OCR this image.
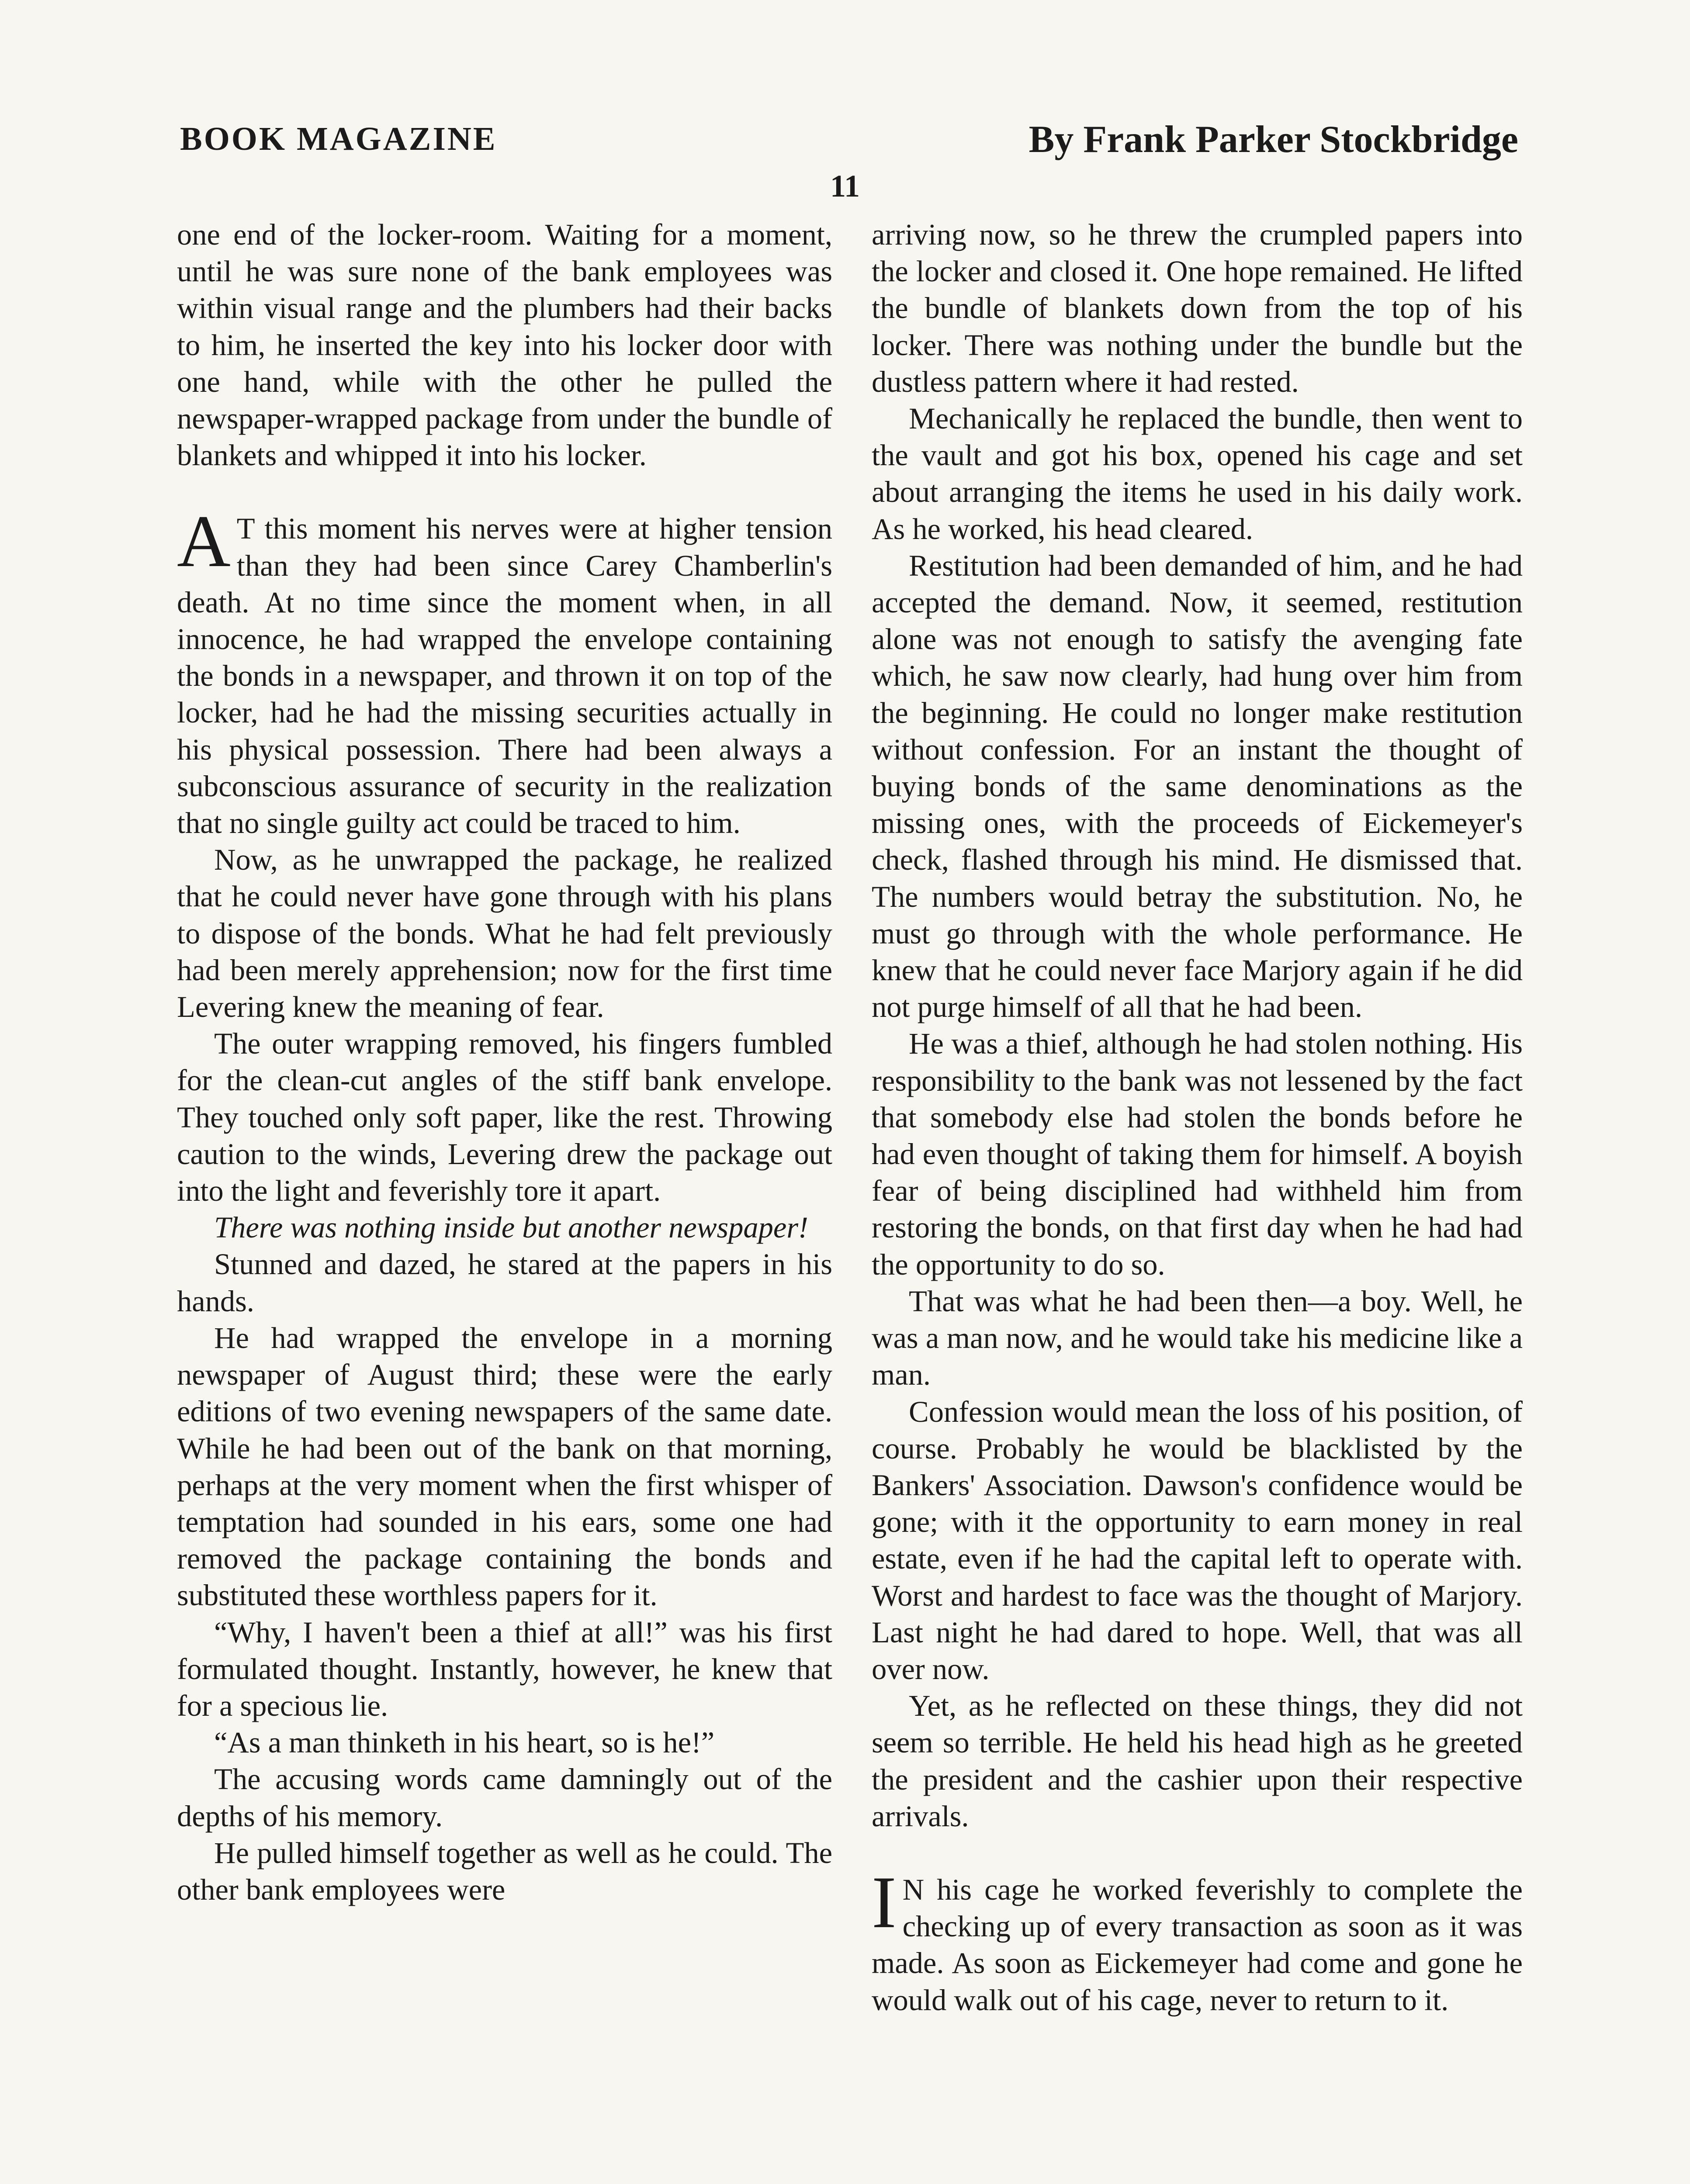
BOOK MAGAZINE	By Frank Parker Stockbridge
11

one end of the locker-room. Waiting for a moment, until he was sure none of the bank employees was within visual range and the plumbers had their backs to him, he inserted the key into his locker door with one hand, while with the other he pulled the newspaper-wrapped package from under the bundle of blankets and whipped it into his locker.

A T this moment his nerves were at higher tension than they had been since Carey Chamberlin's death. At no time since the moment when, in all innocence, he had wrapped the envelope containing the bonds in a newspaper, and thrown it on top of the locker, had he had the missing securities actually in his physical possession. There had been always a subconscious assurance of security in the realization that no single guilty act could be traced to him.

Now, as he unwrapped the package, he realized that he could never have gone through with his plans to dispose of the bonds. What he had felt previously had been merely apprehension; now for the first time Levering knew the meaning of fear.

The outer wrapping removed, his fingers fumbled for the clean-cut angles of the stiff bank envelope. They touched only soft paper, like the rest. Throwing caution to the winds, Levering drew the package out into the light and feverishly tore it apart.

There was nothing inside but another newspaper!

Stunned and dazed, he stared at the papers in his hands.

He had wrapped the envelope in a morning newspaper of August third; these were the early editions of two evening newspapers of the same date. While he had been out of the bank on that morning, perhaps at the very moment when the first whisper of temptation had sounded in his ears, some one had removed the package containing the bonds and substituted these worthless papers for it.

“Why, I haven't been a thief at all!” was his first formulated thought. Instantly, however, he knew that for a specious lie.

“As a man thinketh in his heart, so is he!”

The accusing words came damningly out of the depths of his memory.

He pulled himself together as well as he could. The other bank employees were

arriving now, so he threw the crumpled papers into the locker and closed it. One hope remained. He lifted the bundle of blankets down from the top of his locker. There was nothing under the bundle but the dustless pattern where it had rested.

Mechanically he replaced the bundle, then went to the vault and got his box, opened his cage and set about arranging the items he used in his daily work. As he worked, his head cleared.

Restitution had been demanded of him, and he had accepted the demand. Now, it seemed, restitution alone was not enough to satisfy the avenging fate which, he saw now clearly, had hung over him from the beginning. He could no longer make restitution without confession. For an instant the thought of buying bonds of the same denominations as the missing ones, with the proceeds of Eickemeyer's check, flashed through his mind. He dismissed that. The numbers would betray the substitution. No, he must go through with the whole performance. He knew that he could never face Marjory again if he did not purge himself of all that he had been.

He was a thief, although he had stolen nothing. His responsibility to the bank was not lessened by the fact that somebody else had stolen the bonds before he had even thought of taking them for himself. A boyish fear of being disciplined had withheld him from restoring the bonds, on that first day when he had had the opportunity to do so.

That was what he had been then—a boy. Well, he was a man now, and he would take his medicine like a man.

Confession would mean the loss of his position, of course. Probably he would be blacklisted by the Bankers' Association. Dawson's confidence would be gone; with it the opportunity to earn money in real estate, even if he had the capital left to operate with. Worst and hardest to face was the thought of Marjory. Last night he had dared to hope. Well, that was all over now.

Yet, as he reflected on these things, they did not seem so terrible. He held his head high as he greeted the president and the cashier upon their respective arrivals.

I N his cage he worked feverishly to complete the checking up of every transaction as soon as it was made. As soon as Eickemeyer had come and gone he would walk out of his cage, never to return to it.
